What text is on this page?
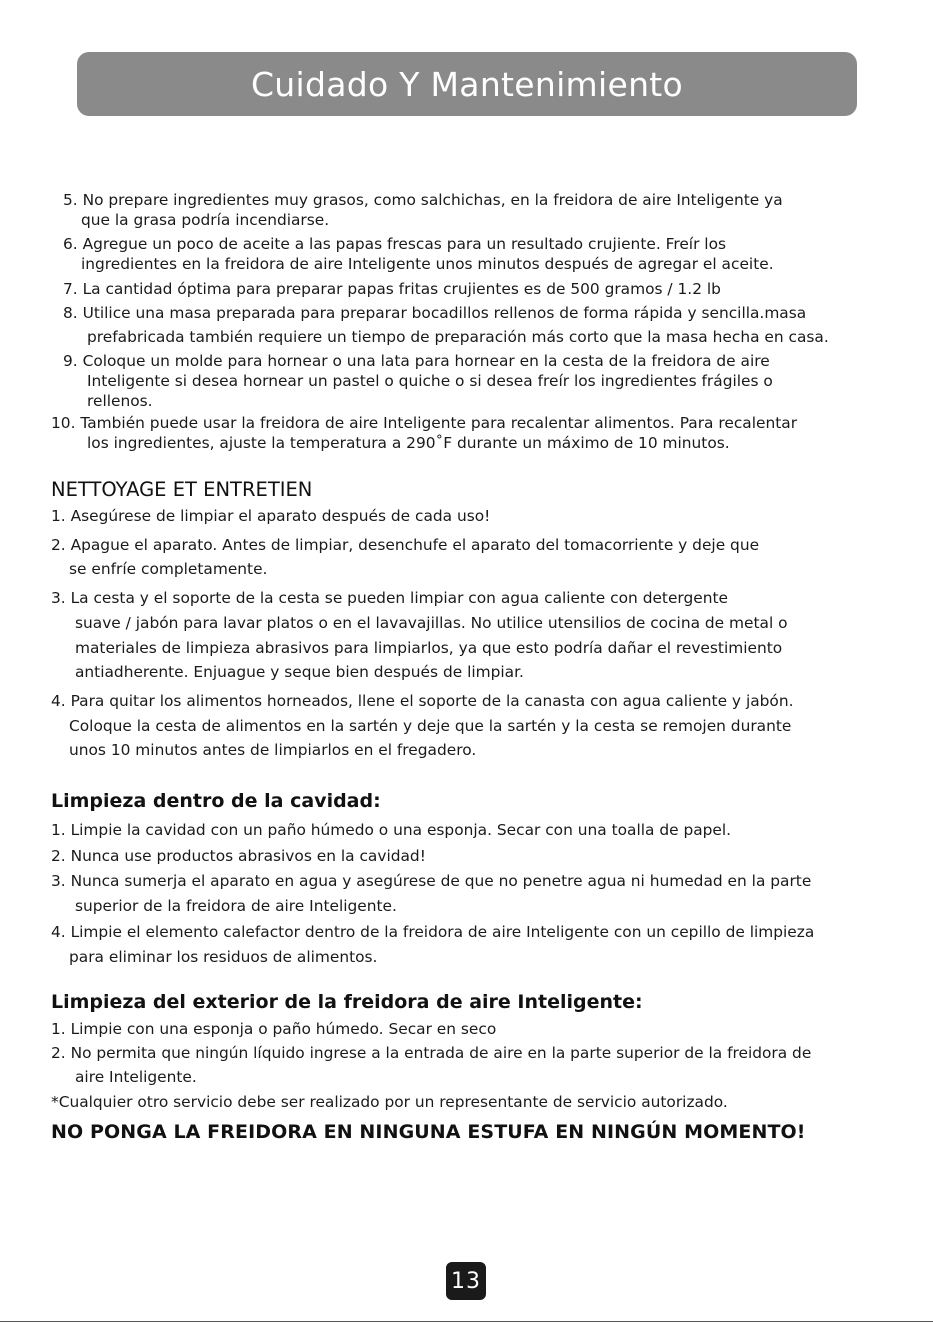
Cuidado Y Mantenimiento
5. No prepare ingredientes muy grasos, como salchichas, en la freidora de aire Inteligente ya
que la grasa podría incendiarse.
6. Agregue un poco de aceite a las papas frescas para un resultado crujiente. Freír los
ingredientes en la freidora de aire Inteligente unos minutos después de agregar el aceite.
7. La cantidad óptima para preparar papas fritas crujientes es de 500 gramos / 1.2 lb
8. Utilice una masa preparada para preparar bocadillos rellenos de forma rápida y sencilla.masa
prefabricada también requiere un tiempo de preparación más corto que la masa hecha en casa.
9. Coloque un molde para hornear o una lata para hornear en la cesta de la freidora de aire
Inteligente si desea hornear un pastel o quiche o si desea freír los ingredientes frágiles o
rellenos.
10. También puede usar la freidora de aire Inteligente para recalentar alimentos. Para recalentar
los ingredientes, ajuste la temperatura a 290˚F durante un máximo de 10 minutos.
NETTOYAGE ET ENTRETIEN
1. Asegúrese de limpiar el aparato después de cada uso!
2. Apague el aparato. Antes de limpiar, desenchufe el aparato del tomacorriente y deje que
se enfríe completamente.
3. La cesta y el soporte de la cesta se pueden limpiar con agua caliente con detergente
suave / jabón para lavar platos o en el lavavajillas. No utilice utensilios de cocina de metal o
materiales de limpieza abrasivos para limpiarlos, ya que esto podría dañar el revestimiento
antiadherente. Enjuague y seque bien después de limpiar.
4. Para quitar los alimentos horneados, llene el soporte de la canasta con agua caliente y jabón.
Coloque la cesta de alimentos en la sartén y deje que la sartén y la cesta se remojen durante
unos 10 minutos antes de limpiarlos en el fregadero.
Limpieza dentro de la cavidad:
1. Limpie la cavidad con un paño húmedo o una esponja. Secar con una toalla de papel.
2. Nunca use productos abrasivos en la cavidad!
3. Nunca sumerja el aparato en agua y asegúrese de que no penetre agua ni humedad en la parte
superior de la freidora de aire Inteligente.
4. Limpie el elemento calefactor dentro de la freidora de aire Inteligente con un cepillo de limpieza
para eliminar los residuos de alimentos.
Limpieza del exterior de la freidora de aire Inteligente:
1. Limpie con una esponja o paño húmedo. Secar en seco
2. No permita que ningún líquido ingrese a la entrada de aire en la parte superior de la freidora de
aire Inteligente.
*Cualquier otro servicio debe ser realizado por un representante de servicio autorizado.
NO PONGA LA FREIDORA EN NINGUNA ESTUFA EN NINGÚN MOMENTO!
13
